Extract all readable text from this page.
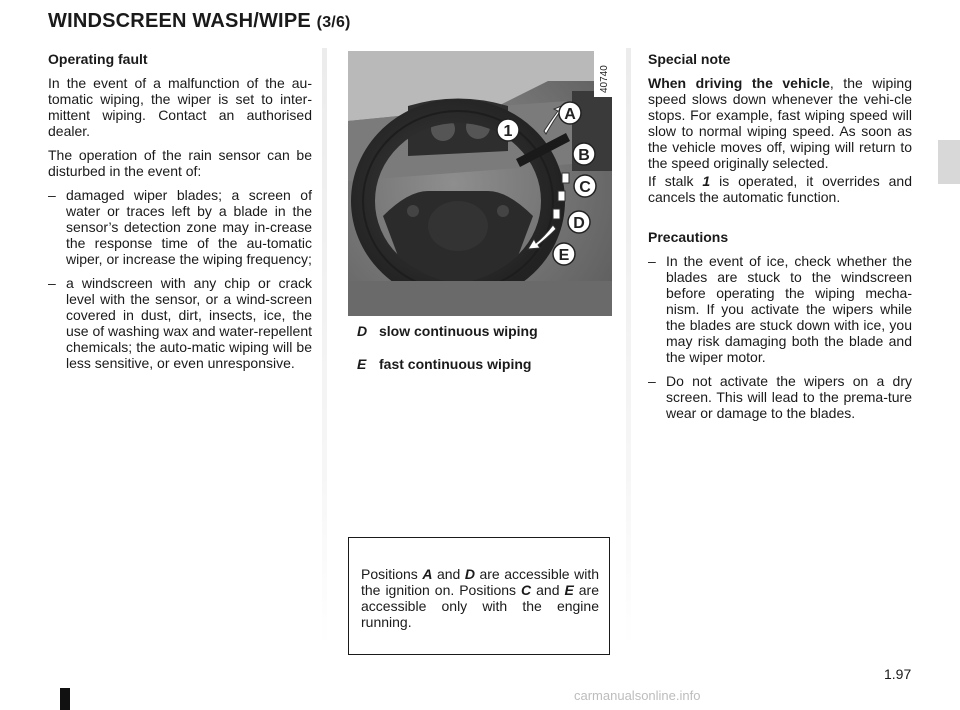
WINDSCREEN WASH/WIPE (3/6)

Operating fault

In the event of a malfunction of the au-tomatic wiping, the wiper is set to inter-mittent wiping. Contact an authorised dealer.

The operation of the rain sensor can be disturbed in the event of:

– damaged wiper blades; a screen of water or traces left by a blade in the sensor’s detection zone may in-crease the response time of the au-tomatic wiper, or increase the wiping frequency;
– a windscreen with any chip or crack level with the sensor, or a wind-screen covered in dust, dirt, insects, ice, the use of washing wax and water-repellent chemicals; the auto-matic wiping will be less sensitive, or even unresponsive.
1
A
B
C
D
E
40740
D slow continuous wiping
E fast continuous wiping
Positions A and D are accessible with the ignition on. Positions C and E are accessible only with the engine running.

Special note

When driving the vehicle, the wiping speed slows down whenever the vehi-cle stops. For example, fast wiping speed will slow to normal wiping speed. As soon as the vehicle moves off, wiping will return to the speed originally selected.

If stalk 1 is operated, it overrides and cancels the automatic function.

Precautions

– In the event of ice, check whether the blades are stuck to the windscreen before operating the wiping mecha-nism. If you activate the wipers while the blades are stuck down with ice, you may risk damaging both the blade and the wiper motor.
– Do not activate the wipers on a dry screen. This will lead to the prema-ture wear or damage to the blades.
1.97
carmanualsonline.info
